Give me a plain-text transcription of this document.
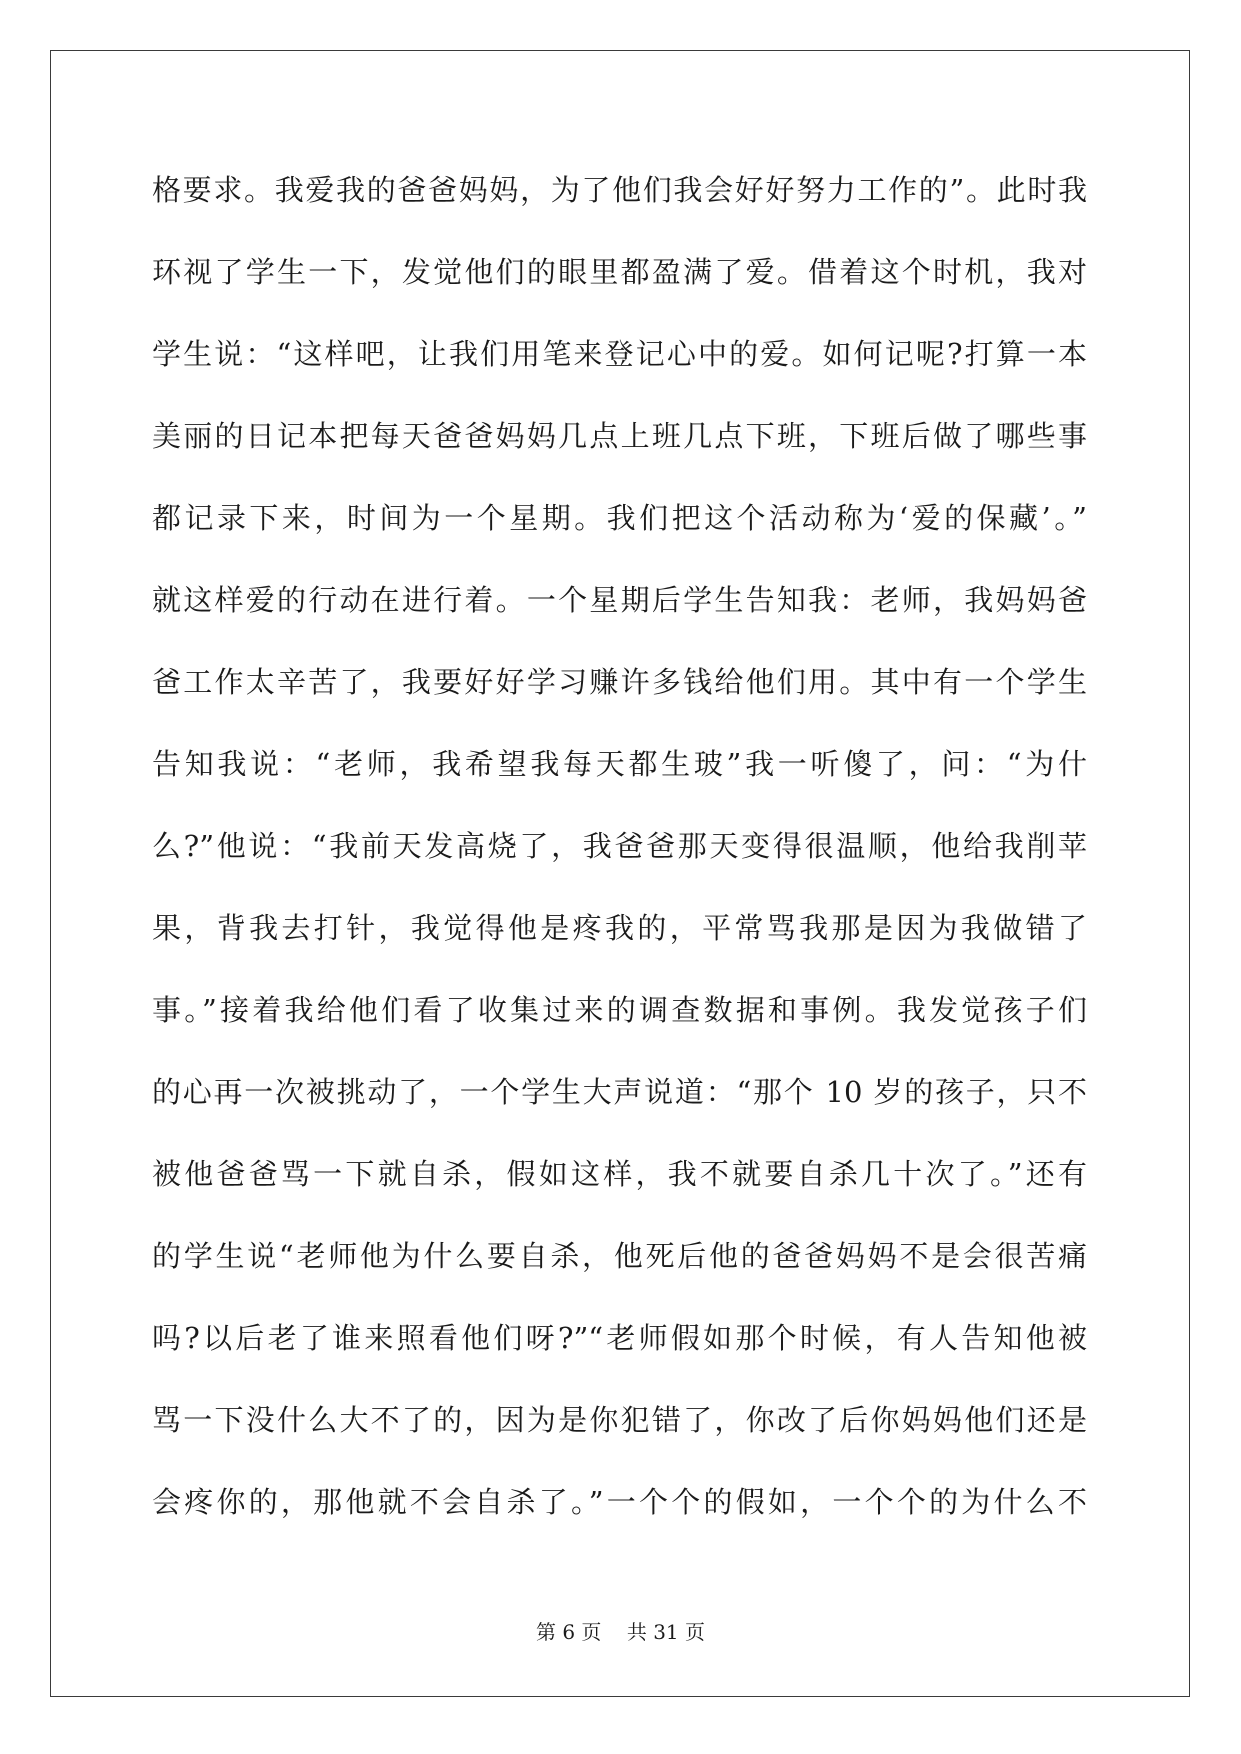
格要求。我爱我的爸爸妈妈，为了他们我会好好努力工作的”。此时我
环视了学生一下，发觉他们的眼里都盈满了爱。借着这个时机，我对
学生说：“这样吧，让我们用笔来登记心中的爱。如何记呢?打算一本
美丽的日记本把每天爸爸妈妈几点上班几点下班，下班后做了哪些事
都记录下来，时间为一个星期。我们把这个活动称为‘爱的保藏’。”
就这样爱的行动在进行着。一个星期后学生告知我：老师，我妈妈爸
爸工作太辛苦了，我要好好学习赚许多钱给他们用。其中有一个学生
告知我说：“老师，我希望我每天都生玻”我一听傻了，问：“为什
么?”他说：“我前天发高烧了，我爸爸那天变得很温顺，他给我削苹
果，背我去打针，我觉得他是疼我的，平常骂我那是因为我做错了
事。”接着我给他们看了收集过来的调查数据和事例。我发觉孩子们
的心再一次被挑动了，一个学生大声说道：“那个 10 岁的孩子，只不
被他爸爸骂一下就自杀，假如这样，我不就要自杀几十次了。”还有
的学生说“老师他为什么要自杀，他死后他的爸爸妈妈不是会很苦痛
吗?以后老了谁来照看他们呀?”“老师假如那个时候，有人告知他被
骂一下没什么大不了的，因为是你犯错了，你改了后你妈妈他们还是
会疼你的，那他就不会自杀了。”一个个的假如，一个个的为什么不
第 6 页    共 31 页
